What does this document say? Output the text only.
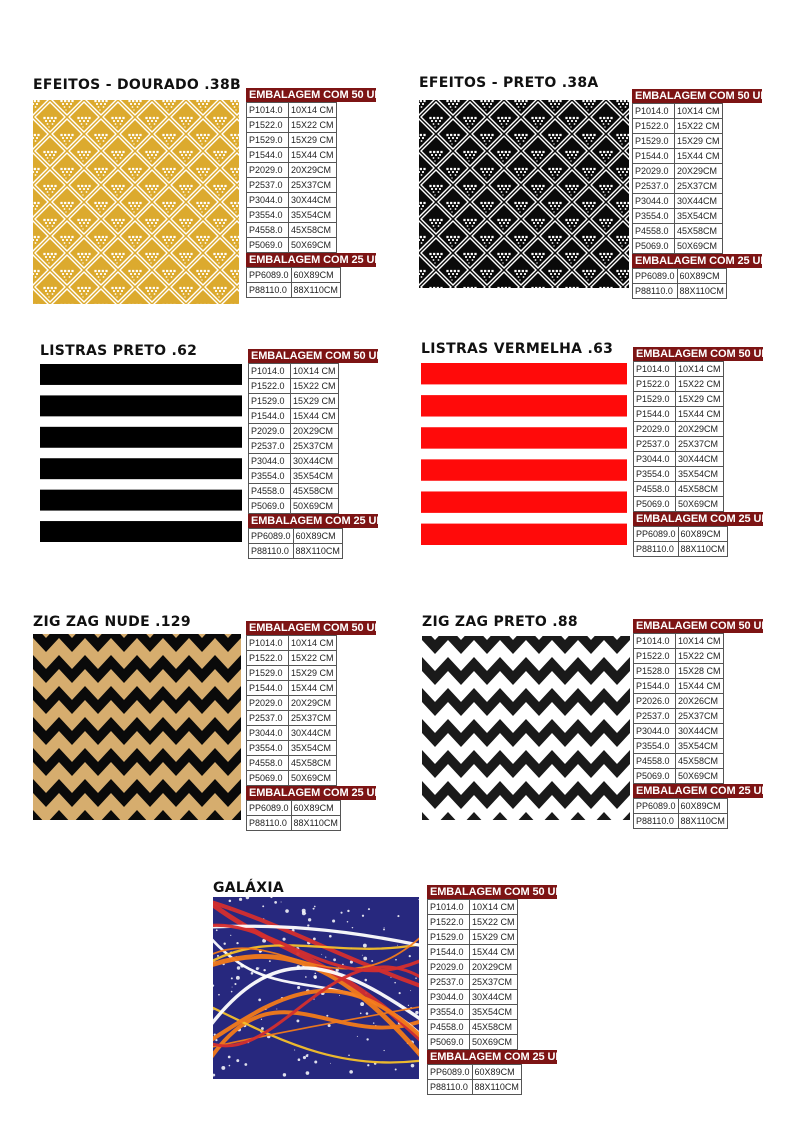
EFEITOS - DOURADO .38B
EMBALAGEM COM 50 UNI.
P1014.0	10X14 CM
P1522.0	15X22 CM
P1529.0	15X29 CM
P1544.0	15X44 CM
P2029.0	20X29CM
P2537.0	25X37CM
P3044.0	30X44CM
P3554.0	35X54CM
P4558.0	45X58CM
P5069.0	50X69CM
EMBALAGEM COM 25 UNI.
PP6089.0	60X89CM
P88110.0	88X110CM
EFEITOS - PRETO .38A
EMBALAGEM COM 50 UNI.
P1014.0	10X14 CM
P1522.0	15X22 CM
P1529.0	15X29 CM
P1544.0	15X44 CM
P2029.0	20X29CM
P2537.0	25X37CM
P3044.0	30X44CM
P3554.0	35X54CM
P4558.0	45X58CM
P5069.0	50X69CM
EMBALAGEM COM 25 UNI.
PP6089.0	60X89CM
P88110.0	88X110CM
LISTRAS PRETO .62	EMBALAGEM COM 50 UNI.
P1014.0	10X14 CM
P1522.0	15X22 CM
P1529.0	15X29 CM
P1544.0	15X44 CM
P2029.0	20X29CM
P2537.0	25X37CM
P3044.0	30X44CM
P3554.0	35X54CM
P4558.0	45X58CM
P5069.0	50X69CM
EMBALAGEM COM 25 UNI.
PP6089.0	60X89CM
P88110.0	88X110CM
LISTRAS VERMELHA .63 EMBALAGEM COM 50 UNI.
P1014.0	10X14 CM
P1522.0	15X22 CM
P1529.0	15X29 CM
P1544.0	15X44 CM
P2029.0	20X29CM
P2537.0	25X37CM
P3044.0	30X44CM
P3554.0	35X54CM
P4558.0	45X58CM
P5069.0	50X69CM
EMBALAGEM COM 25 UNI.
PP6089.0	60X89CM
P88110.0	88X110CM
ZIG ZAG NUDE .129	EMBALAGEM COM 50 UNI.
P1014.0	10X14 CM
P1522.0	15X22 CM
P1529.0	15X29 CM
P1544.0	15X44 CM
P2029.0	20X29CM
P2537.0	25X37CM
P3044.0	30X44CM
P3554.0	35X54CM
P4558.0	45X58CM
P5069.0	50X69CM
EMBALAGEM COM 25 UNI.
PP6089.0	60X89CM
P88110.0	88X110CM
ZIG ZAG PRETO .88	EMBALAGEM COM 50 UNI.
P1014.0	10X14 CM
P1522.0	15X22 CM
P1528.0	15X28 CM
P1544.0	15X44 CM
P2026.0	20X26CM
P2537.0	25X37CM
P3044.0	30X44CM
P3554.0	35X54CM
P4558.0	45X58CM
P5069.0	50X69CM
EMBALAGEM COM 25 UNI.
PP6089.0	60X89CM
P88110.0	88X110CM
GALÁXIA	EMBALAGEM COM 50 UNI.
P1014.0	10X14 CM
P1522.0	15X22 CM
P1529.0	15X29 CM
P1544.0	15X44 CM
P2029.0	20X29CM
P2537.0	25X37CM
P3044.0	30X44CM
P3554.0	35X54CM
P4558.0	45X58CM
P5069.0	50X69CM
EMBALAGEM COM 25 UNI.
PP6089.0	60X89CM
P88110.0	88X110CM
